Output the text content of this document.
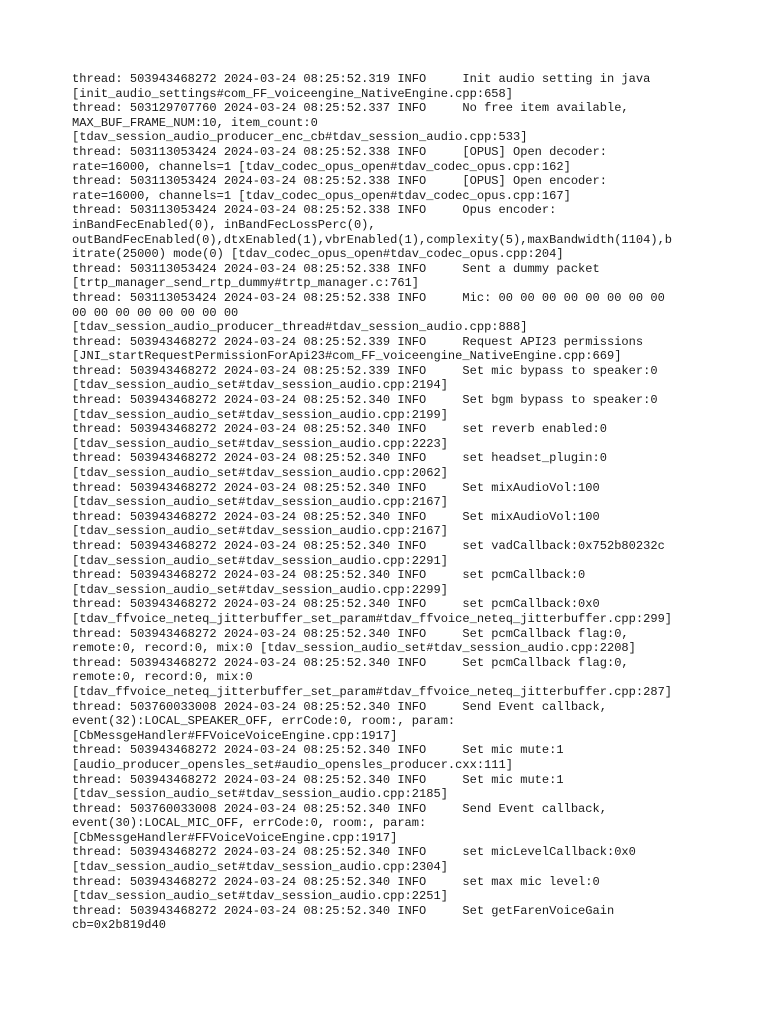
thread: 503943468272 2024-03-24 08:25:52.319 INFO     Init audio setting in java
[init_audio_settings#com_FF_voiceengine_NativeEngine.cpp:658]
thread: 503129707760 2024-03-24 08:25:52.337 INFO     No free item available,
MAX_BUF_FRAME_NUM:10, item_count:0
[tdav_session_audio_producer_enc_cb#tdav_session_audio.cpp:533]
thread: 503113053424 2024-03-24 08:25:52.338 INFO     [OPUS] Open decoder:
rate=16000, channels=1 [tdav_codec_opus_open#tdav_codec_opus.cpp:162]
thread: 503113053424 2024-03-24 08:25:52.338 INFO     [OPUS] Open encoder:
rate=16000, channels=1 [tdav_codec_opus_open#tdav_codec_opus.cpp:167]
thread: 503113053424 2024-03-24 08:25:52.338 INFO     Opus encoder:
inBandFecEnabled(0), inBandFecLossPerc(0),
outBandFecEnabled(0),dtxEnabled(1),vbrEnabled(1),complexity(5),maxBandwidth(1104),b
itrate(25000) mode(0) [tdav_codec_opus_open#tdav_codec_opus.cpp:204]
thread: 503113053424 2024-03-24 08:25:52.338 INFO     Sent a dummy packet
[trtp_manager_send_rtp_dummy#trtp_manager.c:761]
thread: 503113053424 2024-03-24 08:25:52.338 INFO     Mic: 00 00 00 00 00 00 00 00
00 00 00 00 00 00 00 00
[tdav_session_audio_producer_thread#tdav_session_audio.cpp:888]
thread: 503943468272 2024-03-24 08:25:52.339 INFO     Request API23 permissions
[JNI_startRequestPermissionForApi23#com_FF_voiceengine_NativeEngine.cpp:669]
thread: 503943468272 2024-03-24 08:25:52.339 INFO     Set mic bypass to speaker:0
[tdav_session_audio_set#tdav_session_audio.cpp:2194]
thread: 503943468272 2024-03-24 08:25:52.340 INFO     Set bgm bypass to speaker:0
[tdav_session_audio_set#tdav_session_audio.cpp:2199]
thread: 503943468272 2024-03-24 08:25:52.340 INFO     set reverb enabled:0
[tdav_session_audio_set#tdav_session_audio.cpp:2223]
thread: 503943468272 2024-03-24 08:25:52.340 INFO     set headset_plugin:0
[tdav_session_audio_set#tdav_session_audio.cpp:2062]
thread: 503943468272 2024-03-24 08:25:52.340 INFO     Set mixAudioVol:100
[tdav_session_audio_set#tdav_session_audio.cpp:2167]
thread: 503943468272 2024-03-24 08:25:52.340 INFO     Set mixAudioVol:100
[tdav_session_audio_set#tdav_session_audio.cpp:2167]
thread: 503943468272 2024-03-24 08:25:52.340 INFO     set vadCallback:0x752b80232c
[tdav_session_audio_set#tdav_session_audio.cpp:2291]
thread: 503943468272 2024-03-24 08:25:52.340 INFO     set pcmCallback:0
[tdav_session_audio_set#tdav_session_audio.cpp:2299]
thread: 503943468272 2024-03-24 08:25:52.340 INFO     set pcmCallback:0x0
[tdav_ffvoice_neteq_jitterbuffer_set_param#tdav_ffvoice_neteq_jitterbuffer.cpp:299]
thread: 503943468272 2024-03-24 08:25:52.340 INFO     Set pcmCallback flag:0,
remote:0, record:0, mix:0 [tdav_session_audio_set#tdav_session_audio.cpp:2208]
thread: 503943468272 2024-03-24 08:25:52.340 INFO     Set pcmCallback flag:0,
remote:0, record:0, mix:0
[tdav_ffvoice_neteq_jitterbuffer_set_param#tdav_ffvoice_neteq_jitterbuffer.cpp:287]
thread: 503760033008 2024-03-24 08:25:52.340 INFO     Send Event callback,
event(32):LOCAL_SPEAKER_OFF, errCode:0, room:, param:
[CbMessgeHandler#FFVoiceVoiceEngine.cpp:1917]
thread: 503943468272 2024-03-24 08:25:52.340 INFO     Set mic mute:1
[audio_producer_opensles_set#audio_opensles_producer.cxx:111]
thread: 503943468272 2024-03-24 08:25:52.340 INFO     Set mic mute:1
[tdav_session_audio_set#tdav_session_audio.cpp:2185]
thread: 503760033008 2024-03-24 08:25:52.340 INFO     Send Event callback,
event(30):LOCAL_MIC_OFF, errCode:0, room:, param:
[CbMessgeHandler#FFVoiceVoiceEngine.cpp:1917]
thread: 503943468272 2024-03-24 08:25:52.340 INFO     set micLevelCallback:0x0
[tdav_session_audio_set#tdav_session_audio.cpp:2304]
thread: 503943468272 2024-03-24 08:25:52.340 INFO     set max mic level:0
[tdav_session_audio_set#tdav_session_audio.cpp:2251]
thread: 503943468272 2024-03-24 08:25:52.340 INFO     Set getFarenVoiceGain
cb=0x2b819d40
